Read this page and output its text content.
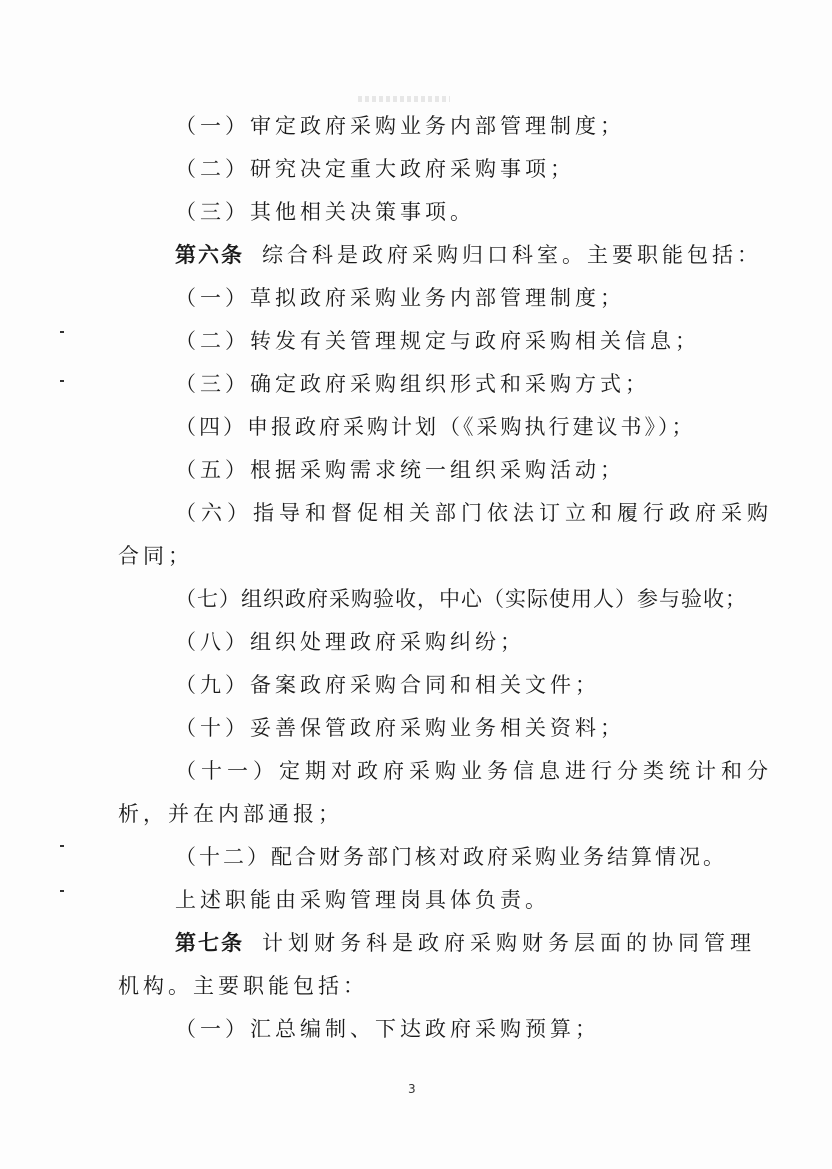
（一）审定政府采购业务内部管理制度；
（二）研究决定重大政府采购事项；
（三）其他相关决策事项。
第六条 综合科是政府采购归口科室。主要职能包括：
（一）草拟政府采购业务内部管理制度；
（二）转发有关管理规定与政府采购相关信息；
（三）确定政府采购组织形式和采购方式；
（四）申报政府采购计划（《采购执行建议书》）；
（五）根据采购需求统一组织采购活动；
（六）指导和督促相关部门依法订立和履行政府采购
合同；
（七）组织政府采购验收，中心（实际使用人）参与验收；
（八）组织处理政府采购纠纷；
（九）备案政府采购合同和相关文件；
（十）妥善保管政府采购业务相关资料；
（十一）定期对政府采购业务信息进行分类统计和分
析，并在内部通报；
（十二）配合财务部门核对政府采购业务结算情况。
上述职能由采购管理岗具体负责。
第七条 计划财务科是政府采购财务层面的协同管理
机构。主要职能包括：
（一）汇总编制、下达政府采购预算；
3
